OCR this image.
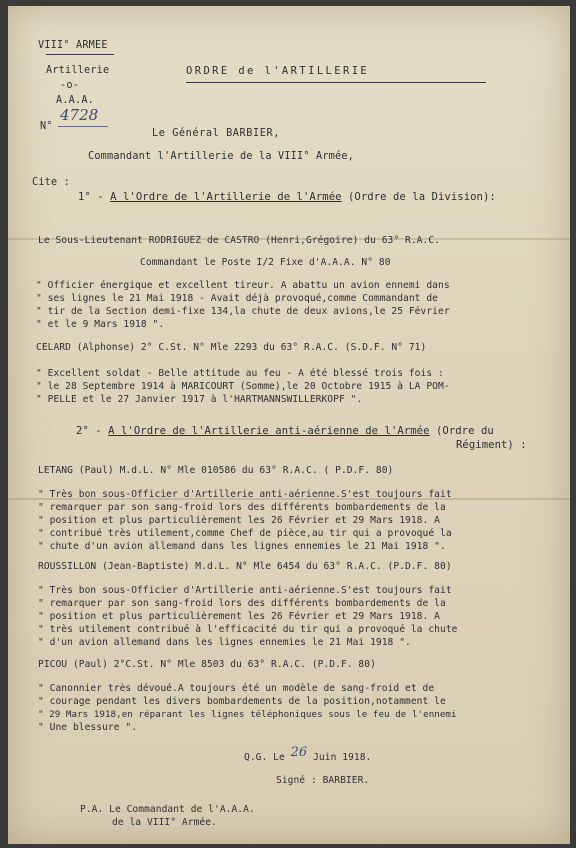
VIII° ARMEE
Artillerie
-o-
A.A.A.
ORDRE de l'ARTILLERIE
N°
4728
Le Général BARBIER,
Commandant l'Artillerie de la VIII° Armée,
Cite :
1° - A l'Ordre de l'Artillerie de l'Armée (Ordre de la Division):
Le Sous-Lieutenant RODRIGUEZ de CASTRO (Henri,Grégoire) du 63° R.A.C.
Commandant le Poste I/2 Fixe d'A.A.A. N° 80
" Officier énergique et excellent tireur. A abattu un avion ennemi dans
" ses lignes le 21 Mai 1918 - Avait déjà provoqué,comme Commandant de
" tir de la Section demi-fixe 134,la chute de deux avions,le 25 Février
" et le 9 Mars 1918 ".
CELARD (Alphonse) 2° C.St. N° Mle 2293 du 63° R.A.C. (S.D.F. N° 71)
" Excellent soldat - Belle attitude au feu - A été blessé trois fois :
" le 28 Septembre 1914 à MARICOURT (Somme),le 20 Octobre 1915 à LA POM-
" PELLE et le 27 Janvier 1917 à l'HARTMANNSWILLERKOPF ".
2° - A l'Ordre de l'Artillerie anti-aérienne de l'Armée (Ordre du
Régiment) :
LETANG (Paul) M.d.L. N° Mle 010586 du 63° R.A.C. ( P.D.F. 80)
" Très bon sous-Officier d'Artillerie anti-aérienne.S'est toujours fait
" remarquer par son sang-froid lors des différents bombardements de la
" position et plus particulièrement les 26 Février et 29 Mars 1918. A
" contribué très utilement,comme Chef de pièce,au tir qui a provoqué la
" chute d'un avion allemand dans les lignes ennemies le 21 Mai 1918 ".
ROUSSILLON (Jean-Baptiste) M.d.L. N° Mle 6454 du 63° R.A.C. (P.D.F. 80)
" Très bon sous-Officier d'Artillerie anti-aérienne.S'est toujours fait
" remarquer par son sang-froid lors des différents bombardements de la
" position et plus particulièrement les 26 Février et 29 Mars 1918. A
" très utilement contribué à l'efficacité du tir qui a provoqué la chute
" d'un avion allemand dans les lignes ennemies le 21 Mai 1918 ".
PICOU (Paul) 2°C.St. N° Mle 8503 du 63° R.A.C. (P.D.F. 80)
" Canonnier très dévoué.A toujours été un modèle de sang-froid et de
" courage pendant les divers bombardements de la position,notamment le
" 29 Mars 1918,en réparant les lignes téléphoniques sous le feu de l'ennemi
" Une blessure ".
Q.G. Le 26 Juin 1918.
Signé : BARBIER.
P.A. Le Commandant de l'A.A.A.
de la VIII° Armée.
